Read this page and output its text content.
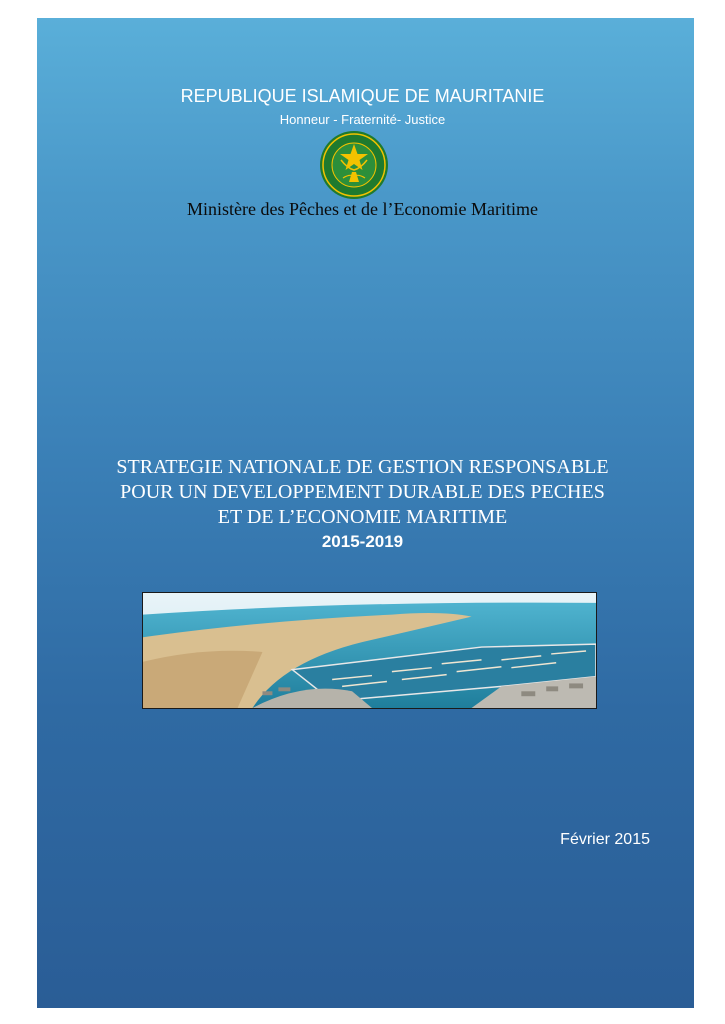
REPUBLIQUE ISLAMIQUE DE MAURITANIE
Honneur - Fraternité- Justice
Ministère des Pêches et de l’Economie Maritime
STRATEGIE NATIONALE DE GESTION RESPONSABLE
POUR UN DEVELOPPEMENT DURABLE DES PECHES
ET DE L’ECONOMIE MARITIME
2015-2019
Février 2015
